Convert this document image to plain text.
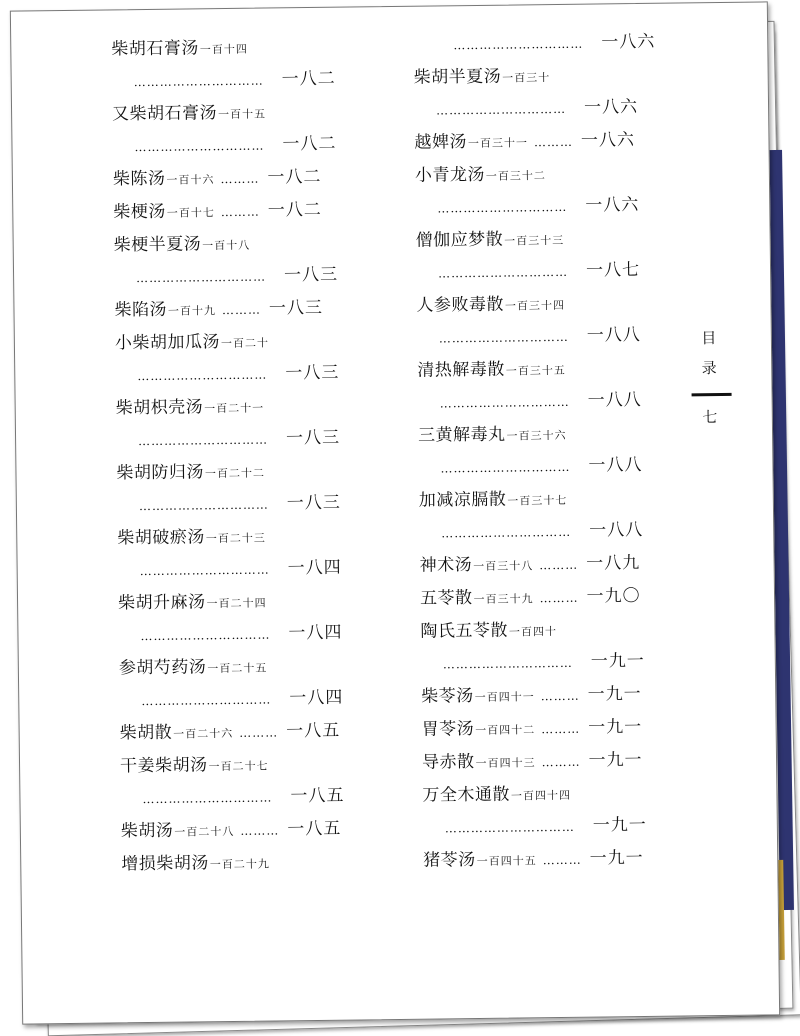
柴胡石膏汤一百十四
………………………… 一八二
又柴胡石膏汤一百十五
………………………… 一八二
柴陈汤一百十六 ……… 一八二
柴梗汤一百十七 ……… 一八二
柴梗半夏汤一百十八
………………………… 一八三
柴陷汤一百十九 ……… 一八三
小柴胡加瓜汤一百二十
………………………… 一八三
柴胡枳壳汤一百二十一
………………………… 一八三
柴胡防归汤一百二十二
………………………… 一八三
柴胡破瘀汤一百二十三
………………………… 一八四
柴胡升麻汤一百二十四
………………………… 一八四
参胡芍药汤一百二十五
………………………… 一八四
柴胡散一百二十六 ……… 一八五
干姜柴胡汤一百二十七
………………………… 一八五
柴胡汤一百二十八 ……… 一八五
增损柴胡汤一百二十九
………………………… 一八六
柴胡半夏汤一百三十
………………………… 一八六
越婢汤一百三十一 ……… 一八六
小青龙汤一百三十二
………………………… 一八六
僧伽应梦散一百三十三
………………………… 一八七
人参败毒散一百三十四
………………………… 一八八
清热解毒散一百三十五
………………………… 一八八
三黄解毒丸一百三十六
………………………… 一八八
加减凉膈散一百三十七
………………………… 一八八
神术汤一百三十八 ……… 一八九
五苓散一百三十九 ……… 一九〇
陶氏五苓散一百四十
………………………… 一九一
柴苓汤一百四十一 ……… 一九一
胃苓汤一百四十二 ……… 一九一
导赤散一百四十三 ……… 一九一
万全木通散一百四十四
………………………… 一九一
猪苓汤一百四十五 ……… 一九一
目
录
七
